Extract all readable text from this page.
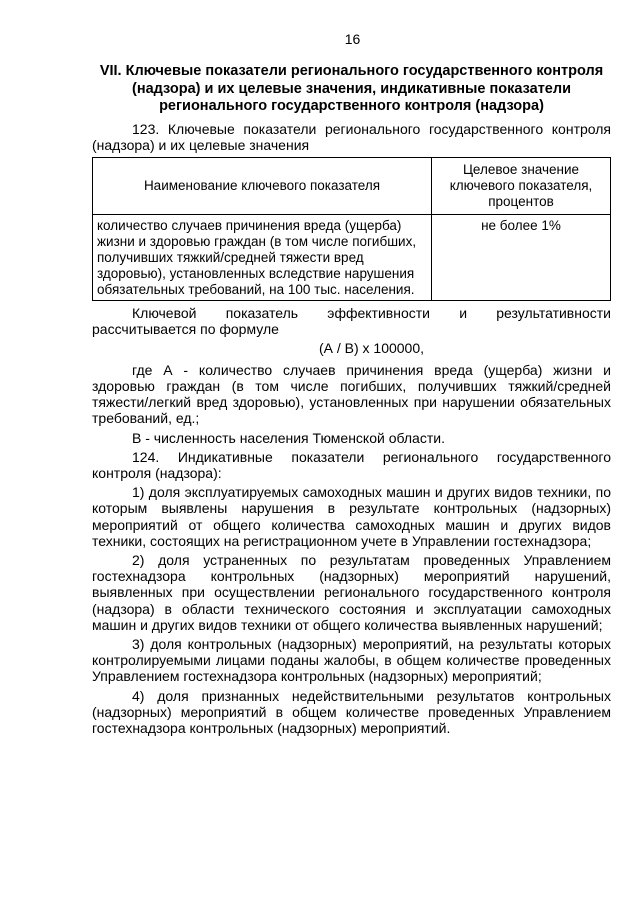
16
VII. Ключевые показатели регионального государственного контроля (надзора) и их целевые значения, индикативные показатели регионального государственного контроля (надзора)

123. Ключевые показатели регионального государственного контроля (надзора) и их целевые значения

Наименование ключевого показателя	Целевое значение ключевого показателя, процентов
количество случаев причинения вреда (ущерба) жизни и здоровью граждан (в том числе погибших, получивших тяжкий/средней тяжести вред здоровью), установленных вследствие нарушения обязательных требований, на 100 тыс. населения.	не более 1%

Ключевой показатель эффективности и результативности рассчитывается по формуле

(А / В) х 100000,

где А - количество случаев причинения вреда (ущерба) жизни и здоровью граждан (в том числе погибших, получивших тяжкий/средней тяжести/легкий вред здоровью), установленных при нарушении обязательных требований, ед.;

В - численность населения Тюменской области.

124. Индикативные показатели регионального государственного контроля (надзора):

1) доля эксплуатируемых самоходных машин и других видов техники, по которым выявлены нарушения в результате контрольных (надзорных) мероприятий от общего количества самоходных машин и других видов техники, состоящих на регистрационном учете в Управлении гостехнадзора;

2) доля устраненных по результатам проведенных Управлением гостехнадзора контрольных (надзорных) мероприятий нарушений, выявленных при осуществлении регионального государственного контроля (надзора) в области технического состояния и эксплуатации самоходных машин и других видов техники от общего количества выявленных нарушений;

3) доля контрольных (надзорных) мероприятий, на результаты которых контролируемыми лицами поданы жалобы, в общем количестве проведенных Управлением гостехнадзора контрольных (надзорных) мероприятий;

4) доля признанных недействительными результатов контрольных (надзорных) мероприятий в общем количестве проведенных Управлением гостехнадзора контрольных (надзорных) мероприятий.
